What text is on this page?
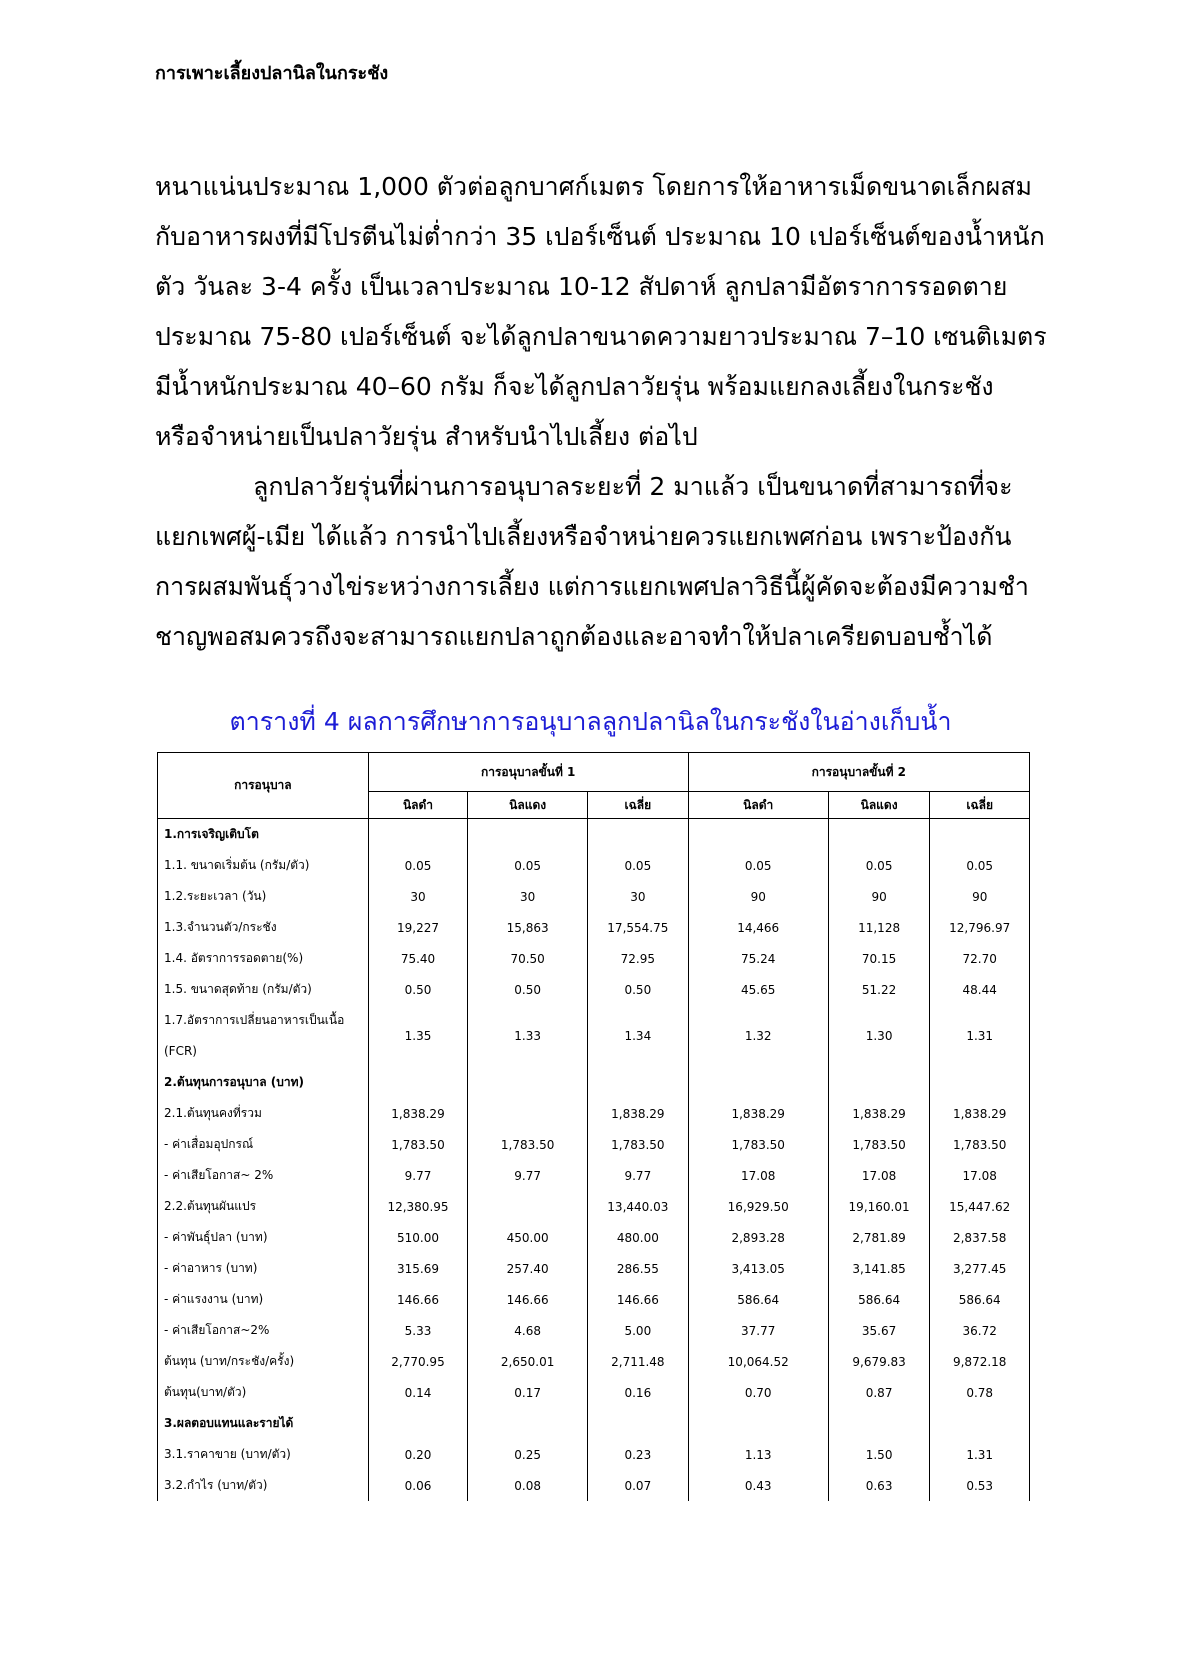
การเพาะเลี้ยงปลานิลในกระชัง
หนาแน่นประมาณ 1,000 ตัวต่อลูกบาศก์เมตร โดยการให้อาหารเม็ดขนาดเล็กผสม
กับอาหารผงที่มีโปรตีนไม่ต่ำกว่า 35 เปอร์เซ็นต์ ประมาณ 10 เปอร์เซ็นต์ของน้ำหนัก
ตัว วันละ 3-4 ครั้ง เป็นเวลาประมาณ 10-12 สัปดาห์ ลูกปลามีอัตราการรอดตาย
ประมาณ 75-80 เปอร์เซ็นต์ จะได้ลูกปลาขนาดความยาวประมาณ 7–10 เซนติเมตร
มีน้ำหนักประมาณ 40–60 กรัม ก็จะได้ลูกปลาวัยรุ่น พร้อมแยกลงเลี้ยงในกระชัง
หรือจำหน่ายเป็นปลาวัยรุ่น สำหรับนำไปเลี้ยง ต่อไป
ลูกปลาวัยรุ่นที่ผ่านการอนุบาลระยะที่ 2 มาแล้ว เป็นขนาดที่สามารถที่จะ
แยกเพศผู้-เมีย ได้แล้ว การนำไปเลี้ยงหรือจำหน่ายควรแยกเพศก่อน เพราะป้องกัน
การผสมพันธุ์วางไข่ระหว่างการเลี้ยง แต่การแยกเพศปลาวิธีนี้ผู้คัดจะต้องมีความชำ
ชาญพอสมควรถึงจะสามารถแยกปลาถูกต้องและอาจทำให้ปลาเครียดบอบช้ำได้
ตารางที่ 4 ผลการศึกษาการอนุบาลลูกปลานิลในกระชังในอ่างเก็บน้ำ
การอนุบาล	การอนุบาลขั้นที่ 1			การอนุบาลขั้นที่ 2		
	นิลดำ	นิลแดง	เฉลี่ย	นิลดำ	นิลแดง	เฉลี่ย
1.การเจริญเติบโต						
1.1. ขนาดเริ่มต้น (กรัม/ตัว)	0.05	0.05	0.05	0.05	0.05	0.05
1.2.ระยะเวลา (วัน)	30	30	30	90	90	90
1.3.จำนวนตัว/กระชัง	19,227	15,863	17,554.75	14,466	11,128	12,796.97
1.4. อัตราการรอดตาย(%)	75.40	70.50	72.95	75.24	70.15	72.70
1.5. ขนาดสุดท้าย (กรัม/ตัว)	0.50	0.50	0.50	45.65	51.22	48.44
1.7.อัตราการเปลี่ยนอาหารเป็นเนื้อ (FCR)	1.35	1.33	1.34	1.32	1.30	1.31
2.ต้นทุนการอนุบาล (บาท)						
2.1.ต้นทุนคงที่รวม	1,838.29		1,838.29	1,838.29	1,838.29	1,838.29
- ค่าเสื่อมอุปกรณ์	1,783.50	1,783.50	1,783.50	1,783.50	1,783.50	1,783.50
- ค่าเสียโอกาส~ 2%	9.77	9.77	9.77	17.08	17.08	17.08
2.2.ต้นทุนผันแปร	12,380.95		13,440.03	16,929.50	19,160.01	15,447.62
- ค่าพันธุ์ปลา (บาท)	510.00	450.00	480.00	2,893.28	2,781.89	2,837.58
- ค่าอาหาร (บาท)	315.69	257.40	286.55	3,413.05	3,141.85	3,277.45
- ค่าแรงงาน (บาท)	146.66	146.66	146.66	586.64	586.64	586.64
- ค่าเสียโอกาส~2%	5.33	4.68	5.00	37.77	35.67	36.72
ต้นทุน (บาท/กระชัง/ครั้ง)	2,770.95	2,650.01	2,711.48	10,064.52	9,679.83	9,872.18
ต้นทุน(บาท/ตัว)	0.14	0.17	0.16	0.70	0.87	0.78
3.ผลตอบแทนและรายได้						
3.1.ราคาขาย (บาท/ตัว)	0.20	0.25	0.23	1.13	1.50	1.31
3.2.กำไร (บาท/ตัว)	0.06	0.08	0.07	0.43	0.63	0.53
